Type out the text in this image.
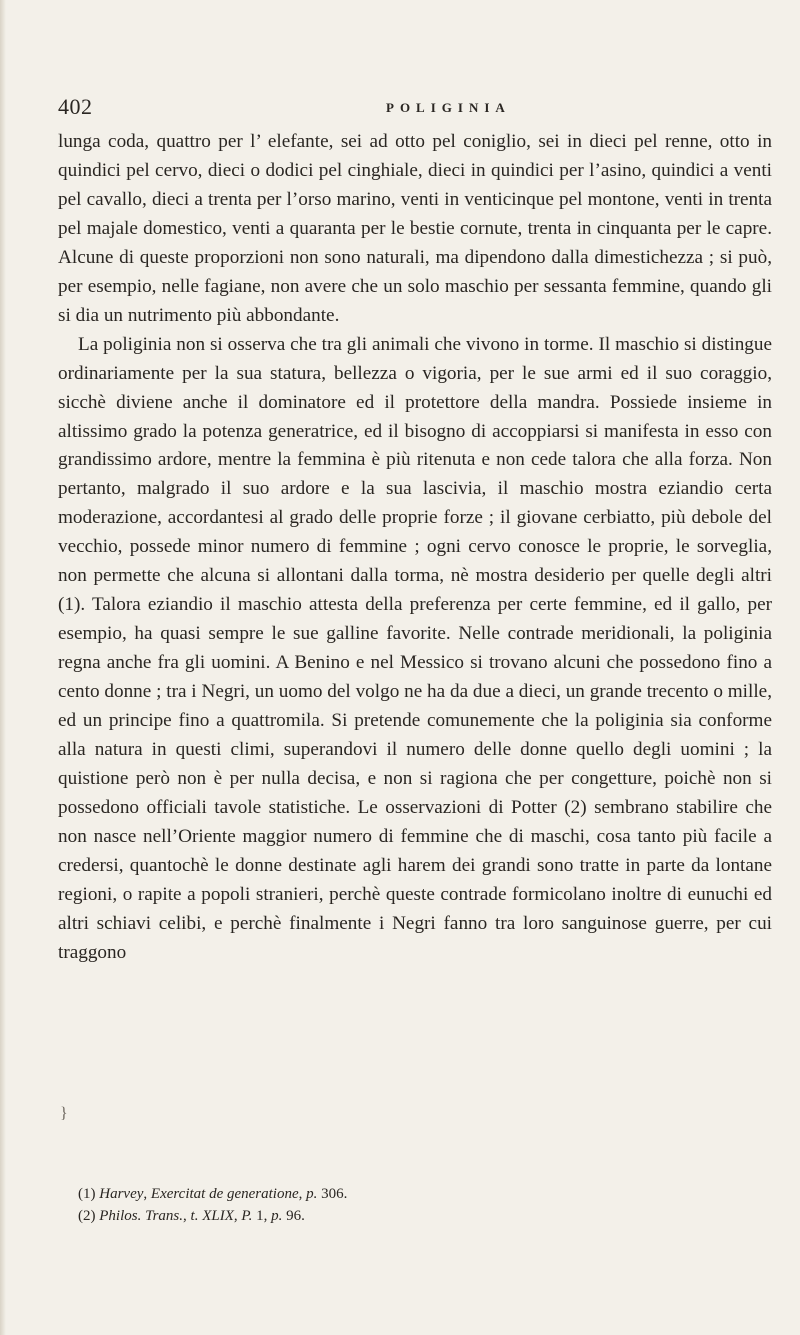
402	POLIGINIA

lunga coda, quattro per l’ elefante, sei ad otto pel coniglio, sei in dieci pel renne, otto in quindici pel cervo, dieci o dodici pel cinghiale, dieci in quindici per l’asino, quindici a venti pel cavallo, dieci a trenta per l’orso marino, venti in venticinque pel montone, venti in trenta pel majale domestico, venti a quaranta per le bestie cornute, trenta in cinquanta per le capre. Alcune di queste proporzioni non sono naturali, ma dipendono dalla dimestichezza ; si può, per esempio, nelle fagiane, non avere che un solo maschio per sessanta femmine, quando gli si dia un nutrimento più abbondante.

La poliginia non si osserva che tra gli animali che vivono in torme. Il maschio si distingue ordinariamente per la sua statura, bellezza o vigoria, per le sue armi ed il suo coraggio, sicchè diviene anche il dominatore ed il protettore della mandra. Possiede insieme in altissimo grado la potenza generatrice, ed il bisogno di accoppiarsi si manifesta in esso con grandissimo ardore, mentre la femmina è più ritenuta e non cede talora che alla forza. Non pertanto, malgrado il suo ardore e la sua lascivia, il maschio mostra eziandio certa moderazione, accordantesi al grado delle proprie forze ; il giovane cerbiatto, più debole del vecchio, possede minor numero di femmine ; ogni cervo conosce le proprie, le sorveglia, non permette che alcuna si allontani dalla torma, nè mostra desiderio per quelle degli altri (1). Talora eziandio il maschio attesta della preferenza per certe femmine, ed il gallo, per esempio, ha quasi sempre le sue galline favorite. Nelle contrade meridionali, la poliginia regna anche fra gli uomini. A Benino e nel Messico si trovano alcuni che possedono fino a cento donne ; tra i Negri, un uomo del volgo ne ha da due a dieci, un grande trecento o mille, ed un principe fino a quattromila. Si pretende comunemente che la poliginia sia conforme alla natura in questi climi, superandovi il numero delle donne quello degli uomini ; la quistione però non è per nulla decisa, e non si ragiona che per congetture, poichè non si possedono officiali tavole statistiche. Le osservazioni di Potter (2) sembrano stabilire che non nasce nell’Oriente maggior numero di femmine che di maschi, cosa tanto più facile a credersi, quantochè le donne destinate agli harem dei grandi sono tratte in parte da lontane regioni, o rapite a popoli stranieri, perchè queste contrade formicolano inoltre di eunuchi ed altri schiavi celibi, e perchè finalmente i Negri fanno tra loro sanguinose guerre, per cui traggono

}
(1) Harvey, Exercitat de generatione, p. 306.
(2) Philos. Trans., t. XLIX, P. 1, p. 96.
